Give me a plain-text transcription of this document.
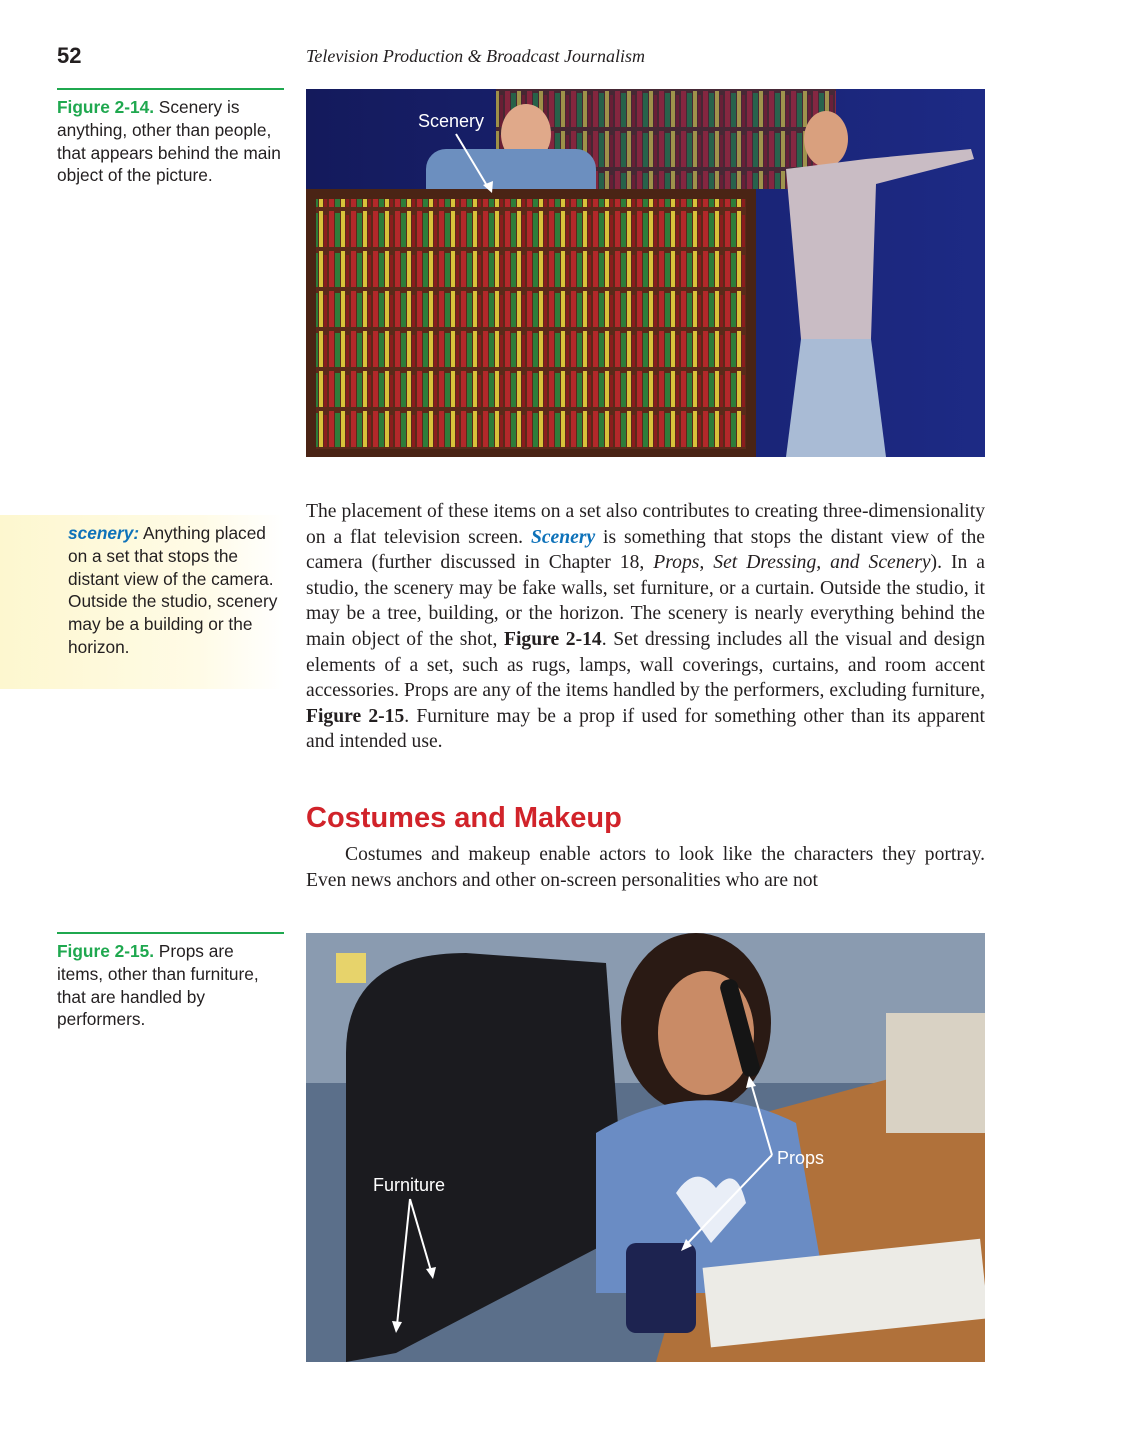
52	Television Production & Broadcast Journalism
Figure 2-14. Scenery is anything, other than people, that appears behind the main object of the picture.
Scenery
scenery: Anything placed on a set that stops the distant view of the camera. Outside the studio, scenery may be a building or the horizon.
The placement of these items on a set also contributes to creating three-dimensionality on a flat television screen. Scenery is something that stops the distant view of the camera (further discussed in Chapter 18, Props, Set Dressing, and Scenery). In a studio, the scenery may be fake walls, set furniture, or a curtain. Outside the studio, it may be a tree, building, or the horizon. The scenery is nearly everything behind the main object of the shot, Figure 2-14. Set dressing includes all the visual and design elements of a set, such as rugs, lamps, wall coverings, curtains, and room accent accessories. Props are any of the items handled by the performers, excluding furniture, Figure 2-15. Furniture may be a prop if used for something other than its apparent and intended use.
Costumes and Makeup
Costumes and makeup enable actors to look like the characters they portray. Even news anchors and other on-screen personalities who are not
Figure 2-15. Props are items, other than furniture, that are handled by performers.
Props
Furniture
